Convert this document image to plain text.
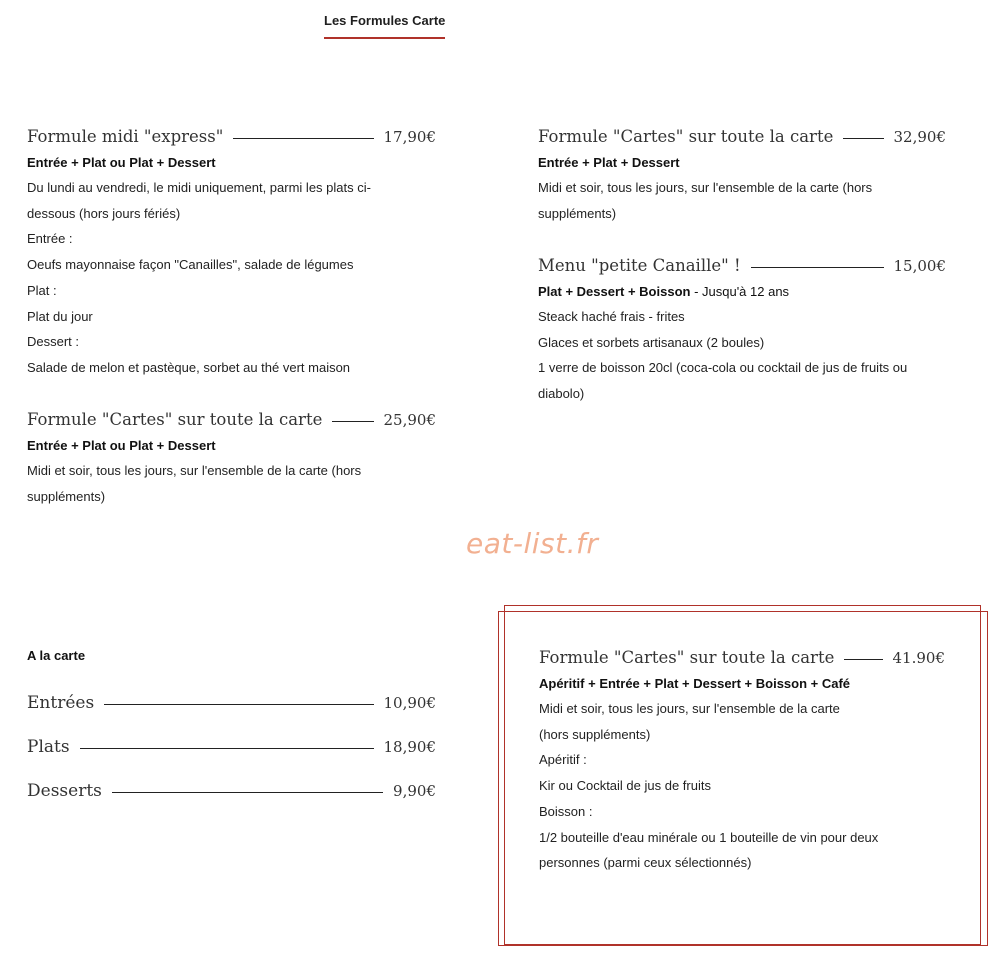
Les Formules Carte
Formule midi "express"	17,90€
Entrée + Plat ou Plat + Dessert
Du lundi au vendredi, le midi uniquement, parmi les plats ci-
dessous (hors jours fériés)
Entrée :
Oeufs mayonnaise façon "Canailles", salade de légumes
Plat :
Plat du jour
Dessert :
Salade de melon et pastèque, sorbet au thé vert maison
Formule "Cartes" sur toute la carte	25,90€
Entrée + Plat ou Plat + Dessert
Midi et soir, tous les jours, sur l'ensemble de la carte (hors
suppléments)
Formule "Cartes" sur toute la carte	32,90€
Entrée + Plat + Dessert
Midi et soir, tous les jours, sur l'ensemble de la carte (hors
suppléments)
Menu "petite Canaille" !	15,00€
Plat + Dessert + Boisson - Jusqu'à 12 ans
Steack haché frais - frites
Glaces et sorbets artisanaux (2 boules)
1 verre de boisson 20cl (coca-cola ou cocktail de jus de fruits ou
diabolo)
eat-list.fr
A la carte
Entrées	10,90€
Plats	18,90€
Desserts	9,90€
Formule "Cartes" sur toute la carte	41.90€
Apéritif + Entrée + Plat + Dessert + Boisson + Café
Midi et soir, tous les jours, sur l'ensemble de la carte
(hors suppléments)
Apéritif :
Kir ou Cocktail de jus de fruits
Boisson :
1/2 bouteille d'eau minérale ou 1 bouteille de vin pour deux
personnes (parmi ceux sélectionnés)
